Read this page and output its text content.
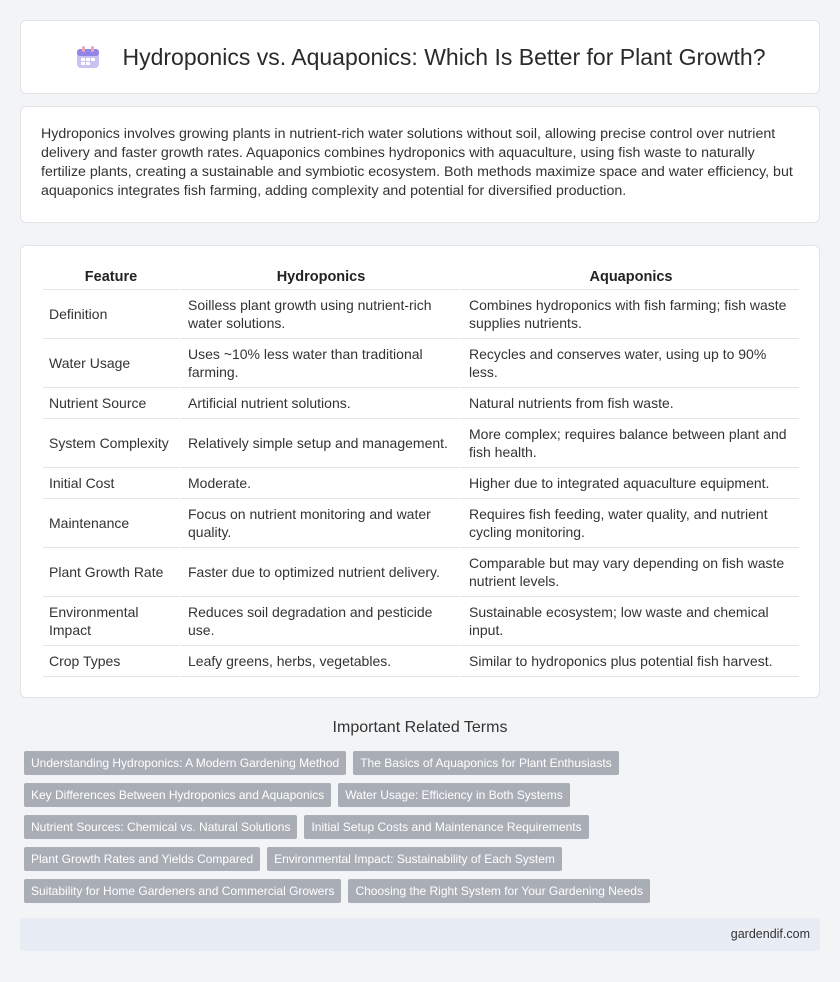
Hydroponics vs. Aquaponics: Which Is Better for Plant Growth?

Hydroponics involves growing plants in nutrient-rich water solutions without soil, allowing precise control over nutrient delivery and faster growth rates. Aquaponics combines hydroponics with aquaculture, using fish waste to naturally fertilize plants, creating a sustainable and symbiotic ecosystem. Both methods maximize space and water efficiency, but aquaponics integrates fish farming, adding complexity and potential for diversified production.

Feature	Hydroponics	Aquaponics
Definition	Soilless plant growth using nutrient-rich water solutions.	Combines hydroponics with fish farming; fish waste supplies nutrients.
Water Usage	Uses ~10% less water than traditional farming.	Recycles and conserves water, using up to 90% less.
Nutrient Source	Artificial nutrient solutions.	Natural nutrients from fish waste.
System Complexity	Relatively simple setup and management.	More complex; requires balance between plant and fish health.
Initial Cost	Moderate.	Higher due to integrated aquaculture equipment.
Maintenance	Focus on nutrient monitoring and water quality.	Requires fish feeding, water quality, and nutrient cycling monitoring.
Plant Growth Rate	Faster due to optimized nutrient delivery.	Comparable but may vary depending on fish waste nutrient levels.
Environmental Impact	Reduces soil degradation and pesticide use.	Sustainable ecosystem; low waste and chemical input.
Crop Types	Leafy greens, herbs, vegetables.	Similar to hydroponics plus potential fish harvest.
Important Related Terms
Understanding Hydroponics: A Modern Gardening Method	The Basics of Aquaponics for Plant Enthusiasts
Key Differences Between Hydroponics and Aquaponics	Water Usage: Efficiency in Both Systems
Nutrient Sources: Chemical vs. Natural Solutions	Initial Setup Costs and Maintenance Requirements
Plant Growth Rates and Yields Compared	Environmental Impact: Sustainability of Each System
Suitability for Home Gardeners and Commercial Growers	Choosing the Right System for Your Gardening Needs
gardendif.com
